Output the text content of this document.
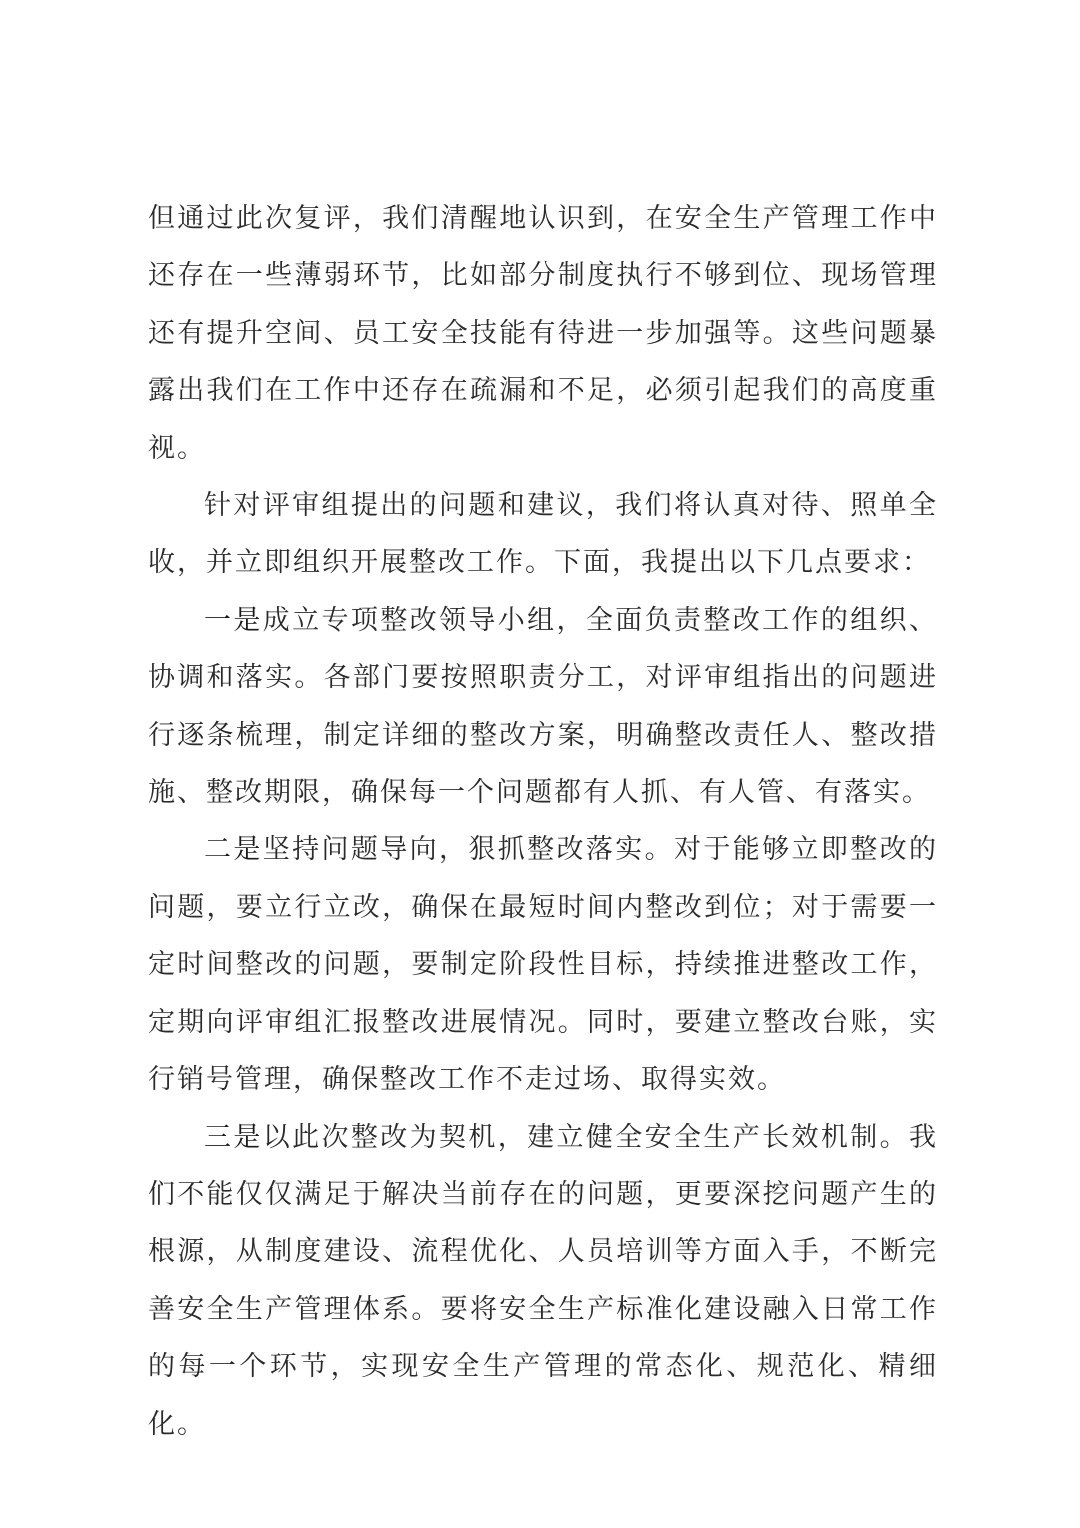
但通过此次复评，我们清醒地认识到，在安全生产管理工作中还存在一些薄弱环节，比如部分制度执行不够到位、现场管理还有提升空间、员工安全技能有待进一步加强等。这些问题暴露出我们在工作中还存在疏漏和不足，必须引起我们的高度重视。

针对评审组提出的问题和建议，我们将认真对待、照单全收，并立即组织开展整改工作。下面，我提出以下几点要求：

一是成立专项整改领导小组，全面负责整改工作的组织、协调和落实。各部门要按照职责分工，对评审组指出的问题进行逐条梳理，制定详细的整改方案，明确整改责任人、整改措施、整改期限，确保每一个问题都有人抓、有人管、有落实。

二是坚持问题导向，狠抓整改落实。对于能够立即整改的问题，要立行立改，确保在最短时间内整改到位；对于需要一定时间整改的问题，要制定阶段性目标，持续推进整改工作，定期向评审组汇报整改进展情况。同时，要建立整改台账，实行销号管理，确保整改工作不走过场、取得实效。

三是以此次整改为契机，建立健全安全生产长效机制。我们不能仅仅满足于解决当前存在的问题，更要深挖问题产生的根源，从制度建设、流程优化、人员培训等方面入手，不断完善安全生产管理体系。要将安全生产标准化建设融入日常工作的每一个环节，实现安全生产管理的常态化、规范化、精细化。
